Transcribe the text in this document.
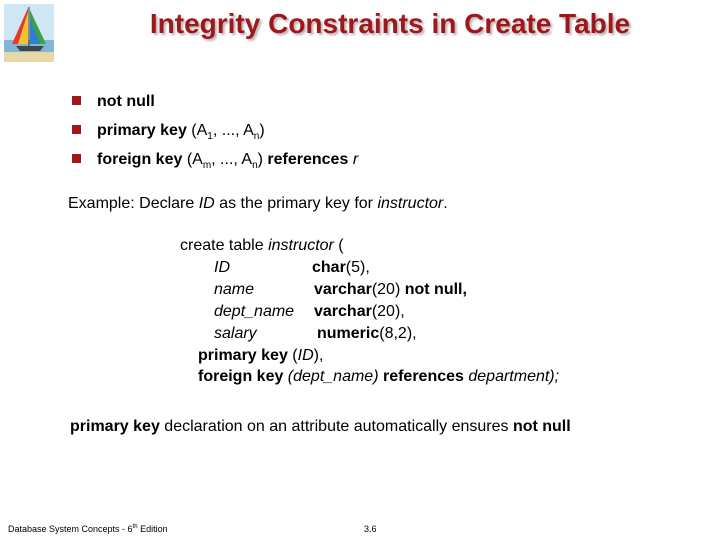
Integrity Constraints in Create Table
not null
primary key ($A_1$, ..., $A_n$)
foreign key ($A_m$, ..., $A_n$) references r
Example: Declare ID as the primary key for instructor.
create table instructor (
ID	char(5),
name	varchar(20) not null,
dept_name varchar(20),
salary	numeric(8,2),
primary key (ID),
foreign key (dept_name) references department);
primary key declaration on an attribute automatically ensures not null
Database System Concepts - 6th Edition	3.6
